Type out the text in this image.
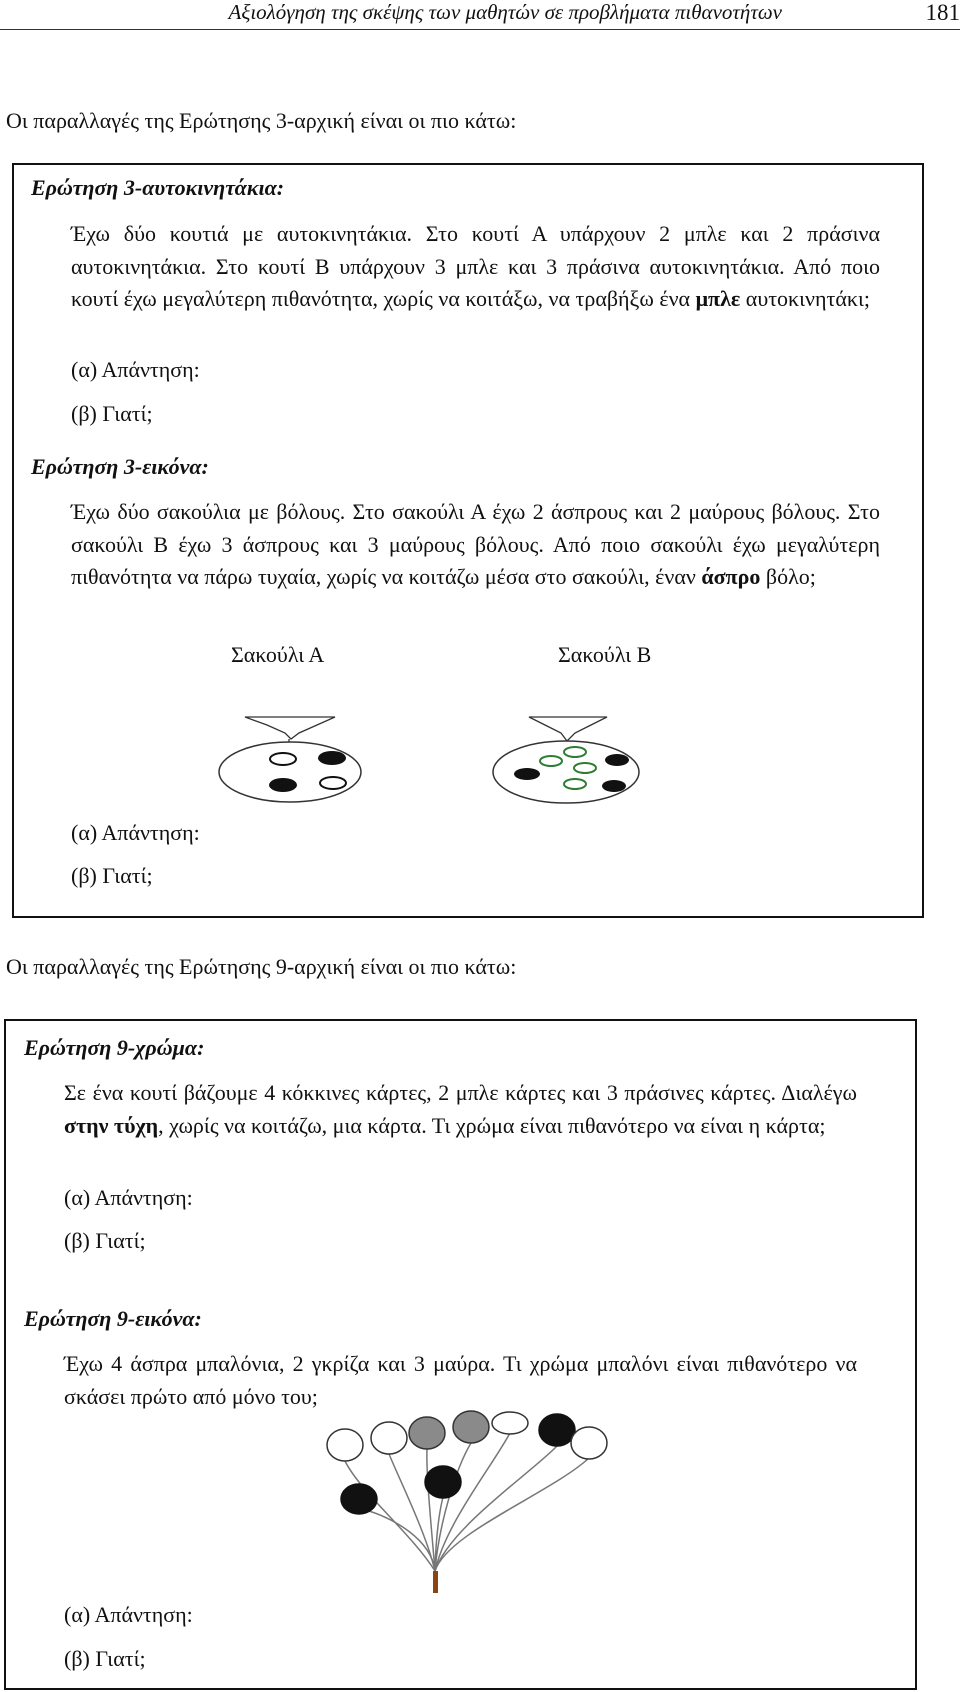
Αξιολόγηση της σκέψης των μαθητών σε προβλήματα πιθανοτήτων	181
Οι παραλλαγές της Ερώτησης 3-αρχική είναι οι πιο κάτω:
Ερώτηση 3-αυτοκινητάκια:
Έχω δύο κουτιά με αυτοκινητάκια. Στο κουτί Α υπάρχουν 2 μπλε και 2 πράσινα αυτοκινητάκια. Στο κουτί Β υπάρχουν 3 μπλε και 3 πράσινα αυτοκινητάκια. Από ποιο κουτί έχω μεγαλύτερη πιθανότητα, χωρίς να κοιτάξω, να τραβήξω ένα μπλε αυτοκινητάκι;
(α) Απάντηση:
(β) Γιατί;
Ερώτηση 3-εικόνα:
Έχω δύο σακούλια με βόλους. Στο σακούλι Α έχω 2 άσπρους και 2 μαύρους βόλους. Στο σακούλι Β έχω 3 άσπρους και 3 μαύρους βόλους. Από ποιο σακούλι έχω μεγαλύτερη πιθανότητα να πάρω τυχαία, χωρίς να κοιτάζω μέσα στο σακούλι, έναν άσπρο βόλο;
Σακούλι Α	Σακούλι Β
(α) Απάντηση:
(β) Γιατί;
Οι παραλλαγές της Ερώτησης 9-αρχική είναι οι πιο κάτω:
Ερώτηση 9-χρώμα:
Σε ένα κουτί βάζουμε 4 κόκκινες κάρτες, 2 μπλε κάρτες και 3 πράσινες κάρτες. Διαλέγω στην τύχη, χωρίς να κοιτάζω, μια κάρτα. Τι χρώμα είναι πιθανότερο να είναι η κάρτα;
(α) Απάντηση:
(β) Γιατί;
Ερώτηση 9-εικόνα:
Έχω 4 άσπρα μπαλόνια, 2 γκρίζα και 3 μαύρα. Τι χρώμα μπαλόνι είναι πιθανότερο να σκάσει πρώτο από μόνο του;
(α) Απάντηση:
(β) Γιατί;
